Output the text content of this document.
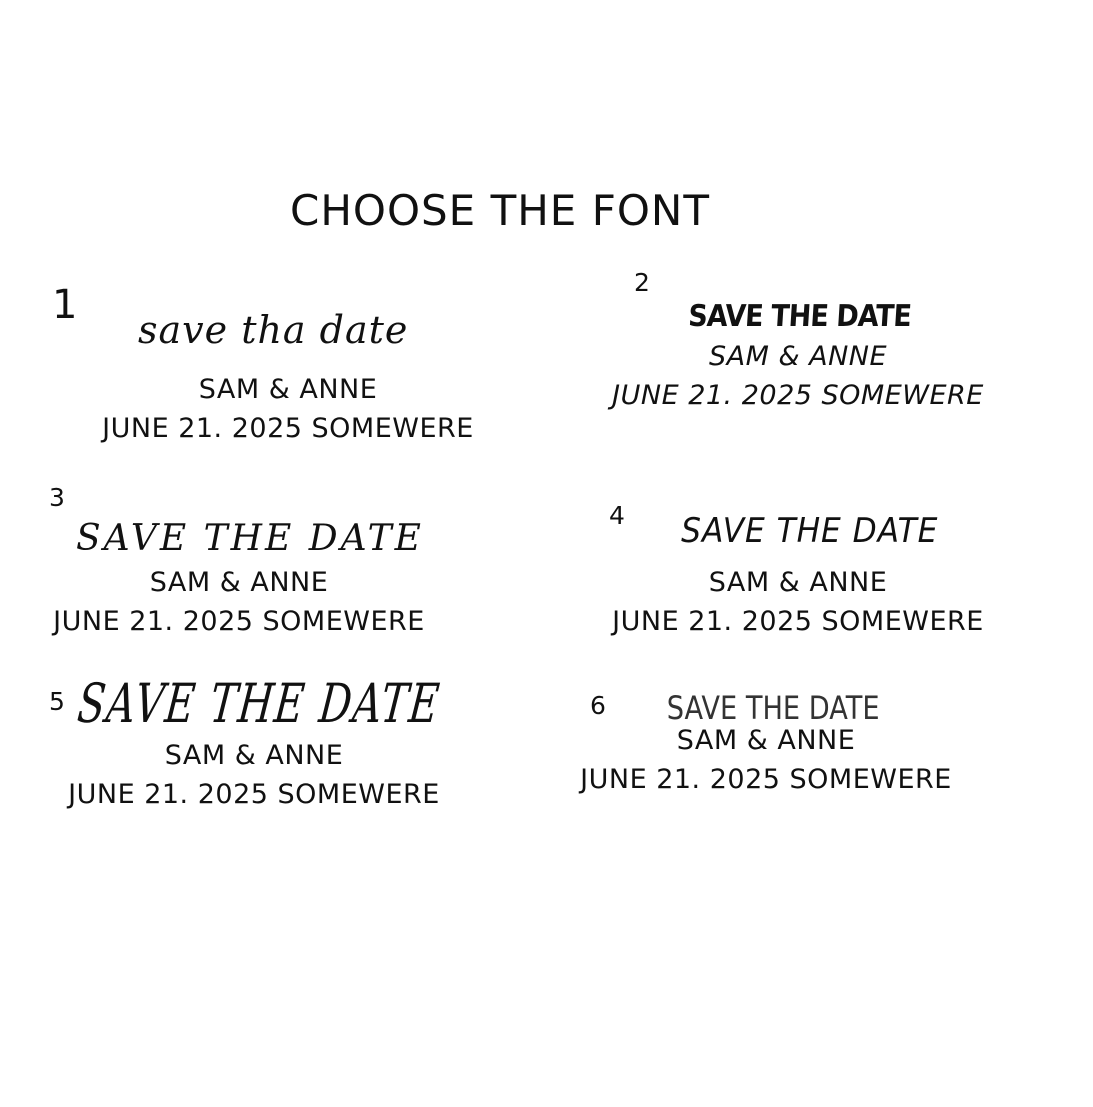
CHOOSE THE FONT
1
save tha date
SAM & ANNE
JUNE 21. 2025 SOMEWERE
2
SAVE THE DATE
SAM & ANNE
JUNE 21. 2025 SOMEWERE
3
SAVE THE DATE
SAM & ANNE
JUNE 21. 2025 SOMEWERE
4 SAVE THE DATE
SAM & ANNE
JUNE 21. 2025 SOMEWERE
5 SAVE THE DATE
SAM & ANNE
JUNE 21. 2025 SOMEWERE
6 SAVE THE DATE
SAM & ANNE
JUNE 21. 2025 SOMEWERE
